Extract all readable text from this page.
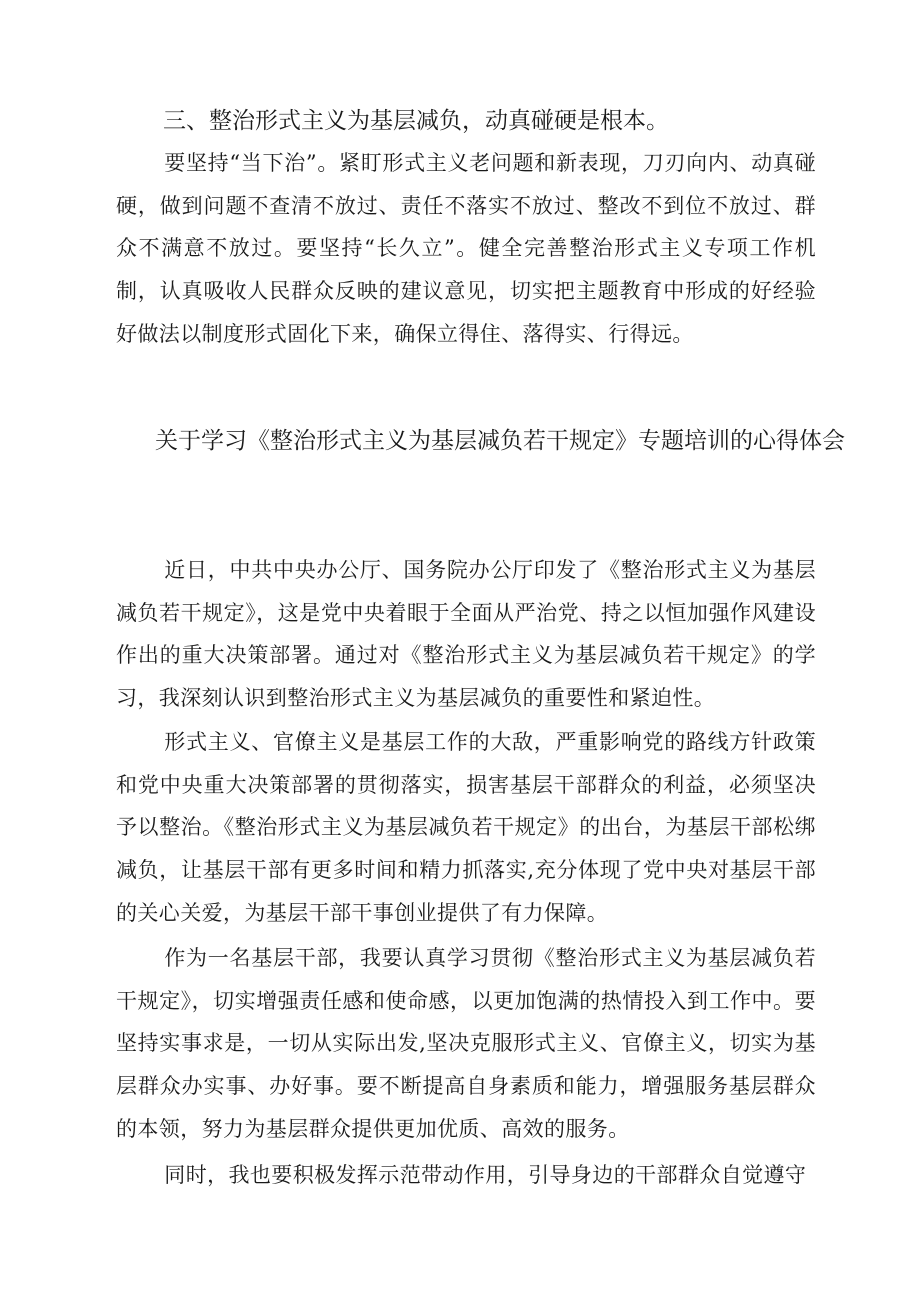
三、整治形式主义为基层减负，动真碰硬是根本。

要坚持“当下治”。紧盯形式主义老问题和新表现，刀刃向内、动真碰硬，做到问题不查清不放过、责任不落实不放过、整改不到位不放过、群众不满意不放过。要坚持“长久立”。健全完善整治形式主义专项工作机制，认真吸收人民群众反映的建议意见，切实把主题教育中形成的好经验好做法以制度形式固化下来，确保立得住、落得实、行得远。

关于学习《整治形式主义为基层减负若干规定》专题培训的心得体会

近日，中共中央办公厅、国务院办公厅印发了《整治形式主义为基层减负若干规定》，这是党中央着眼于全面从严治党、持之以恒加强作风建设作出的重大决策部署。通过对《整治形式主义为基层减负若干规定》的学习，我深刻认识到整治形式主义为基层减负的重要性和紧迫性。

形式主义、官僚主义是基层工作的大敌，严重影响党的路线方针政策和党中央重大决策部署的贯彻落实，损害基层干部群众的利益，必须坚决予以整治。《整治形式主义为基层减负若干规定》的出台，为基层干部松绑减负，让基层干部有更多时间和精力抓落实,充分体现了党中央对基层干部的关心关爱，为基层干部干事创业提供了有力保障。

作为一名基层干部，我要认真学习贯彻《整治形式主义为基层减负若干规定》，切实增强责任感和使命感，以更加饱满的热情投入到工作中。要坚持实事求是，一切从实际出发,坚决克服形式主义、官僚主义，切实为基层群众办实事、办好事。要不断提高自身素质和能力，增强服务基层群众的本领，努力为基层群众提供更加优质、高效的服务。

同时，我也要积极发挥示范带动作用，引导身边的干部群众自觉遵守
